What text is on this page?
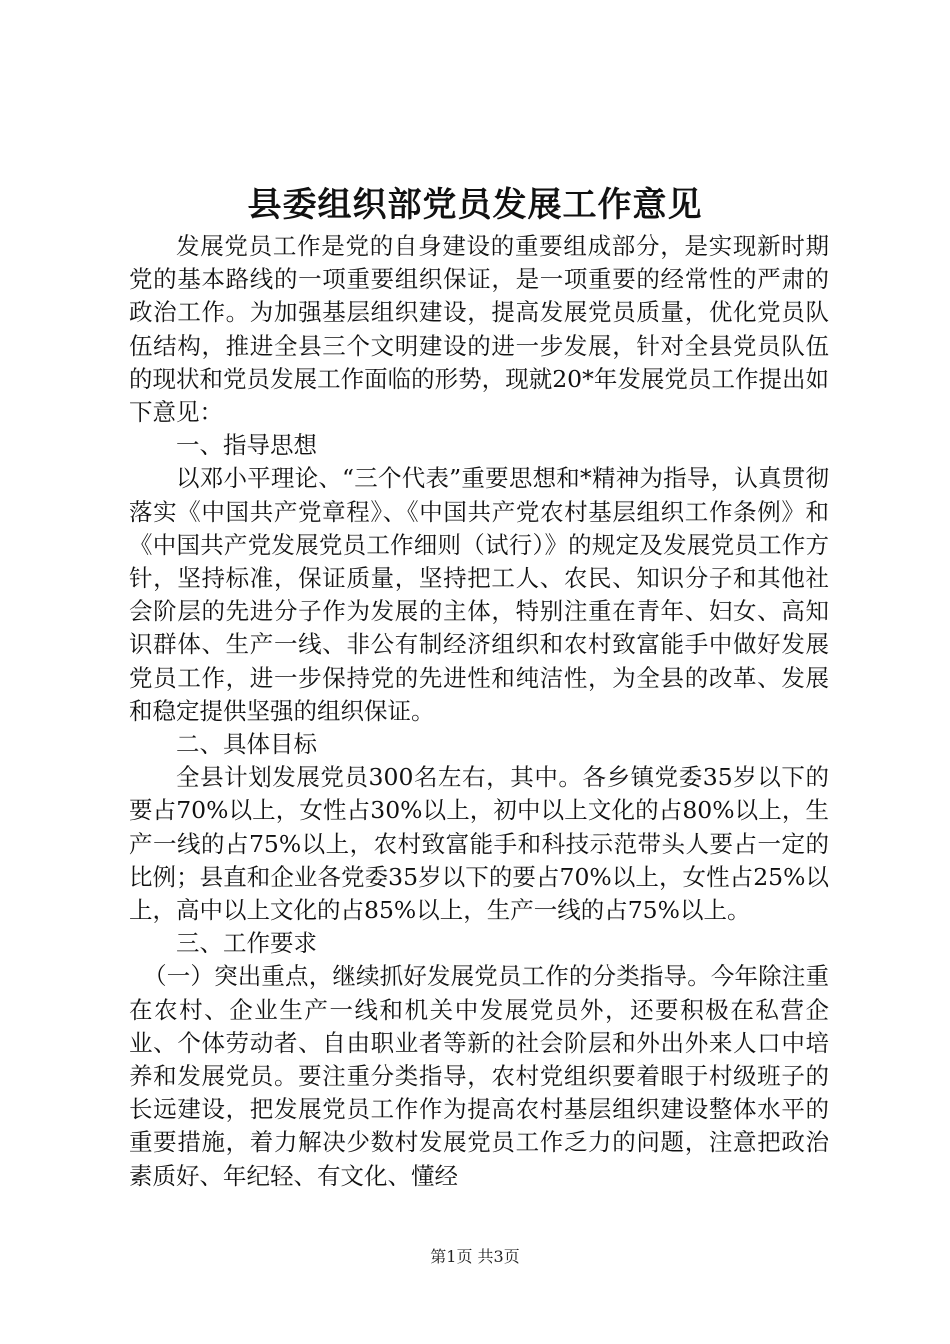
县委组织部党员发展工作意见

发展党员工作是党的自身建设的重要组成部分，是实现新时期党的基本路线的一项重要组织保证，是一项重要的经常性的严肃的政治工作。为加强基层组织建设，提高发展党员质量，优化党员队伍结构，推进全县三个文明建设的进一步发展，针对全县党员队伍的现状和党员发展工作面临的形势，现就20*年发展党员工作提出如下意见：

一、指导思想

以邓小平理论、“三个代表”重要思想和*精神为指导，认真贯彻落实《中国共产党章程》、《中国共产党农村基层组织工作条例》和《中国共产党发展党员工作细则（试行）》的规定及发展党员工作方针，坚持标准，保证质量，坚持把工人、农民、知识分子和其他社会阶层的先进分子作为发展的主体，特别注重在青年、妇女、高知识群体、生产一线、非公有制经济组织和农村致富能手中做好发展党员工作，进一步保持党的先进性和纯洁性，为全县的改革、发展和稳定提供坚强的组织保证。

二、具体目标

全县计划发展党员300名左右，其中。各乡镇党委35岁以下的要占70%以上，女性占30%以上，初中以上文化的占80%以上，生产一线的占75%以上，农村致富能手和科技示范带头人要占一定的比例；县直和企业各党委35岁以下的要占70%以上，女性占25%以上，高中以上文化的占85%以上，生产一线的占75%以上。

三、工作要求

（一）突出重点，继续抓好发展党员工作的分类指导。今年除注重在农村、企业生产一线和机关中发展党员外，还要积极在私营企业、个体劳动者、自由职业者等新的社会阶层和外出外来人口中培养和发展党员。要注重分类指导，农村党组织要着眼于村级班子的长远建设，把发展党员工作作为提高农村基层组织建设整体水平的重要措施，着力解决少数村发展党员工作乏力的问题，注意把政治素质好、年纪轻、有文化、懂经

第1页 共3页
